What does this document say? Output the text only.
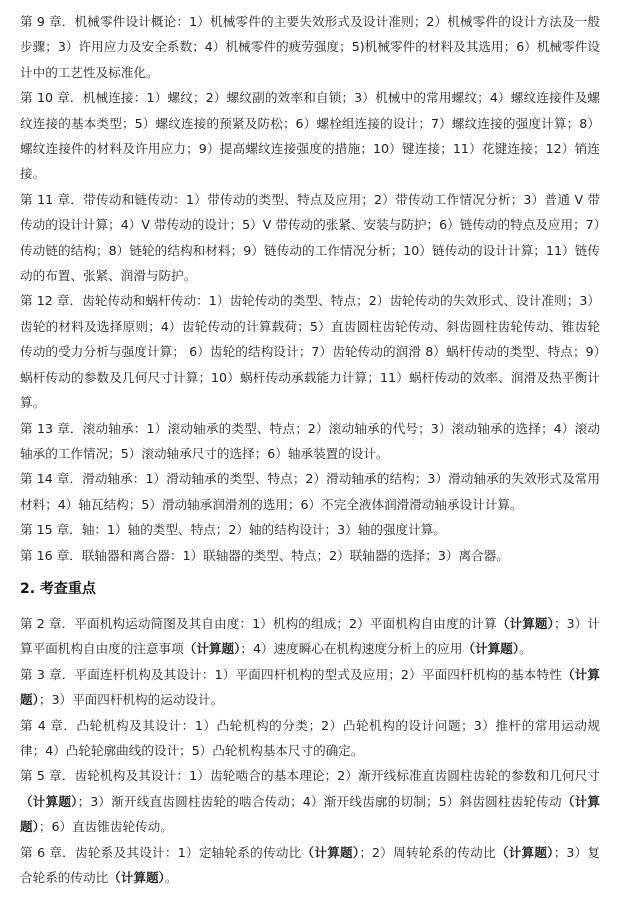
第 9 章．机械零件设计概论：1）机械零件的主要失效形式及设计准则；2）机械零件的设计方法及一般步骤；3）许用应力及安全系数；4）机械零件的疲劳强度；5)机械零件的材料及其选用；6）机械零件设计中的工艺性及标准化。

第 10 章．机械连接：1）螺纹；2）螺纹副的效率和自锁；3）机械中的常用螺纹；4）螺纹连接件及螺纹连接的基本类型；5）螺纹连接的预紧及防松；6）螺栓组连接的设计；7）螺纹连接的强度计算；8）螺纹连接件的材料及许用应力；9）提高螺纹连接强度的措施；10）键连接；11）花键连接；12）销连接。

第 11 章．带传动和链传动：1）带传动的类型、特点及应用；2）带传动工作情况分析；3）普通 V 带传动的设计计算；4）V 带传动的设计；5）V 带传动的张紧、安装与防护；6）链传动的特点及应用；7）传动链的结构；8）链轮的结构和材料；9）链传动的工作情况分析；10）链传动的设计计算；11）链传动的布置、张紧、润滑与防护。

第 12 章．齿轮传动和蜗杆传动：1）齿轮传动的类型、特点；2）齿轮传动的失效形式、设计准则；3）齿轮的材料及选择原则；4）齿轮传动的计算载荷；5）直齿圆柱齿轮传动、斜齿圆柱齿轮传动、锥齿轮传动的受力分析与强度计算； 6）齿轮的结构设计；7）齿轮传动的润滑 8）蜗杆传动的类型、特点；9）蜗杆传动的参数及几何尺寸计算；10）蜗杆传动承载能力计算；11）蜗杆传动的效率、润滑及热平衡计算。

第 13 章．滚动轴承：1）滚动轴承的类型、特点；2）滚动轴承的代号；3）滚动轴承的选择；4）滚动轴承的工作情况；5）滚动轴承尺寸的选择；6）轴承装置的设计。

第 14 章．滑动轴承：1）滑动轴承的类型、特点；2）滑动轴承的结构；3）滑动轴承的失效形式及常用材料；4）轴瓦结构；5）滑动轴承润滑剂的选用；6）不完全液体润滑滑动轴承设计计算。

第 15 章．轴：1）轴的类型、特点；2）轴的结构设计；3）轴的强度计算。

第 16 章．联轴器和离合器：1）联轴器的类型、特点；2）联轴器的选择；3）离合器。

2. 考查重点

第 2 章．平面机构运动简图及其自由度：1）机构的组成；2）平面机构自由度的计算（计算题）；3）计算平面机构自由度的注意事项（计算题）；4）速度瞬心在机构速度分析上的应用（计算题）。

第 3 章．平面连杆机构及其设计：1）平面四杆机构的型式及应用；2）平面四杆机构的基本特性（计算题）；3）平面四杆机构的运动设计。

第 4 章．凸轮机构及其设计：1）凸轮机构的分类；2）凸轮机构的设计问题；3）推杆的常用运动规律；4）凸轮轮廓曲线的设计；5）凸轮机构基本尺寸的确定。

第 5 章．齿轮机构及其设计：1）齿轮啮合的基本理论；2）渐开线标准直齿圆柱齿轮的参数和几何尺寸（计算题）；3）渐开线直齿圆柱齿轮的啮合传动；4）渐开线齿廓的切制；5）斜齿圆柱齿轮传动（计算题）；6）直齿锥齿轮传动。

第 6 章．齿轮系及其设计：1）定轴轮系的传动比（计算题）；2）周转轮系的传动比（计算题）；3）复合轮系的传动比（计算题）。
